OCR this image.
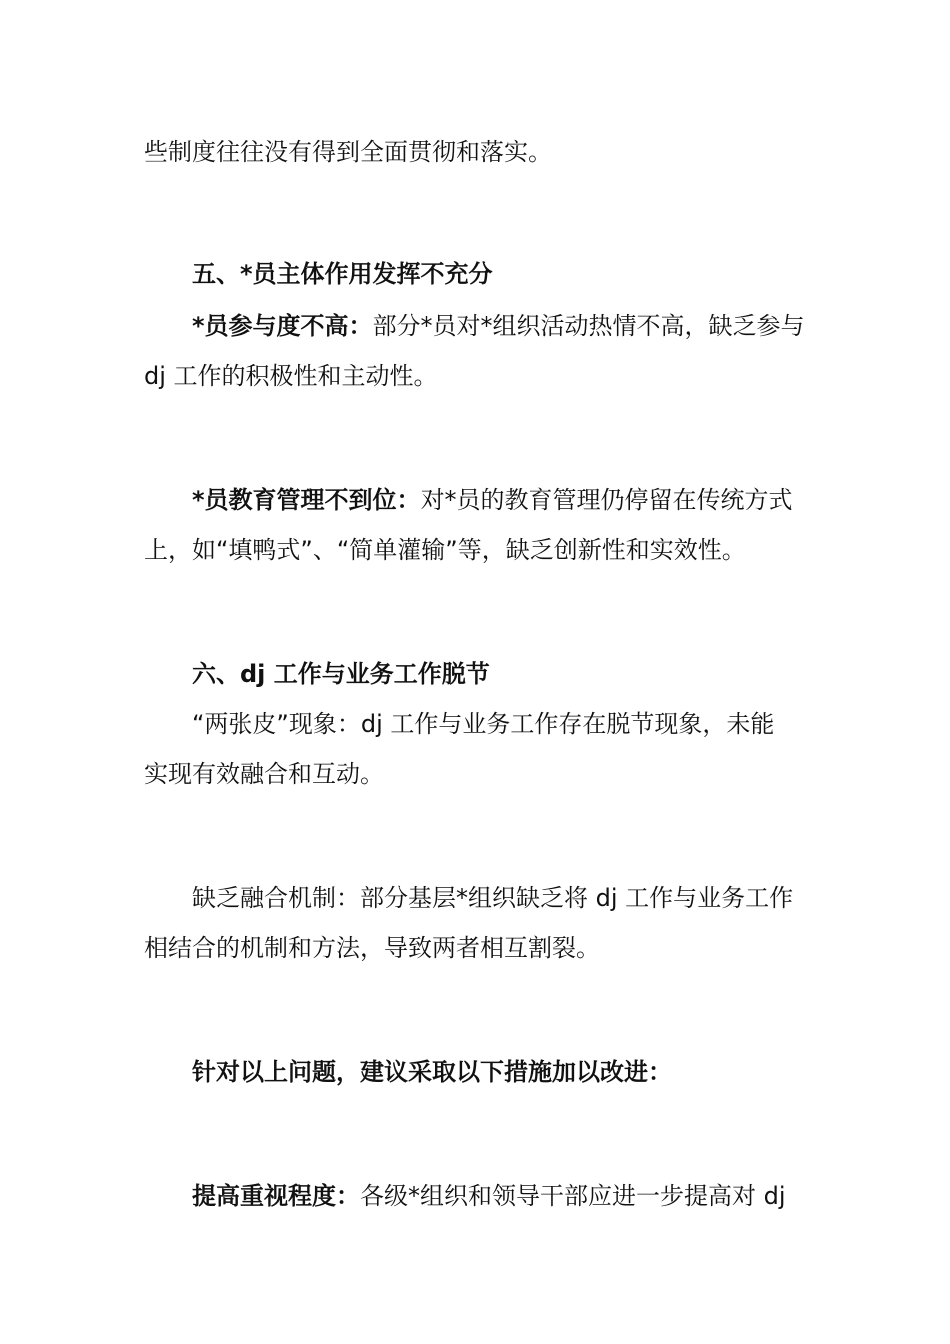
些制度往往没有得到全面贯彻和落实。
五、*员主体作用发挥不充分
*员参与度不高：部分*员对*组织活动热情不高，缺乏参与
dj 工作的积极性和主动性。
*员教育管理不到位：对*员的教育管理仍停留在传统方式
上，如“填鸭式”、“简单灌输”等，缺乏创新性和实效性。
六、dj 工作与业务工作脱节
“两张皮”现象：dj 工作与业务工作存在脱节现象，未能
实现有效融合和互动。
缺乏融合机制：部分基层*组织缺乏将 dj 工作与业务工作
相结合的机制和方法，导致两者相互割裂。
针对以上问题，建议采取以下措施加以改进：
提高重视程度：各级*组织和领导干部应进一步提高对 dj
